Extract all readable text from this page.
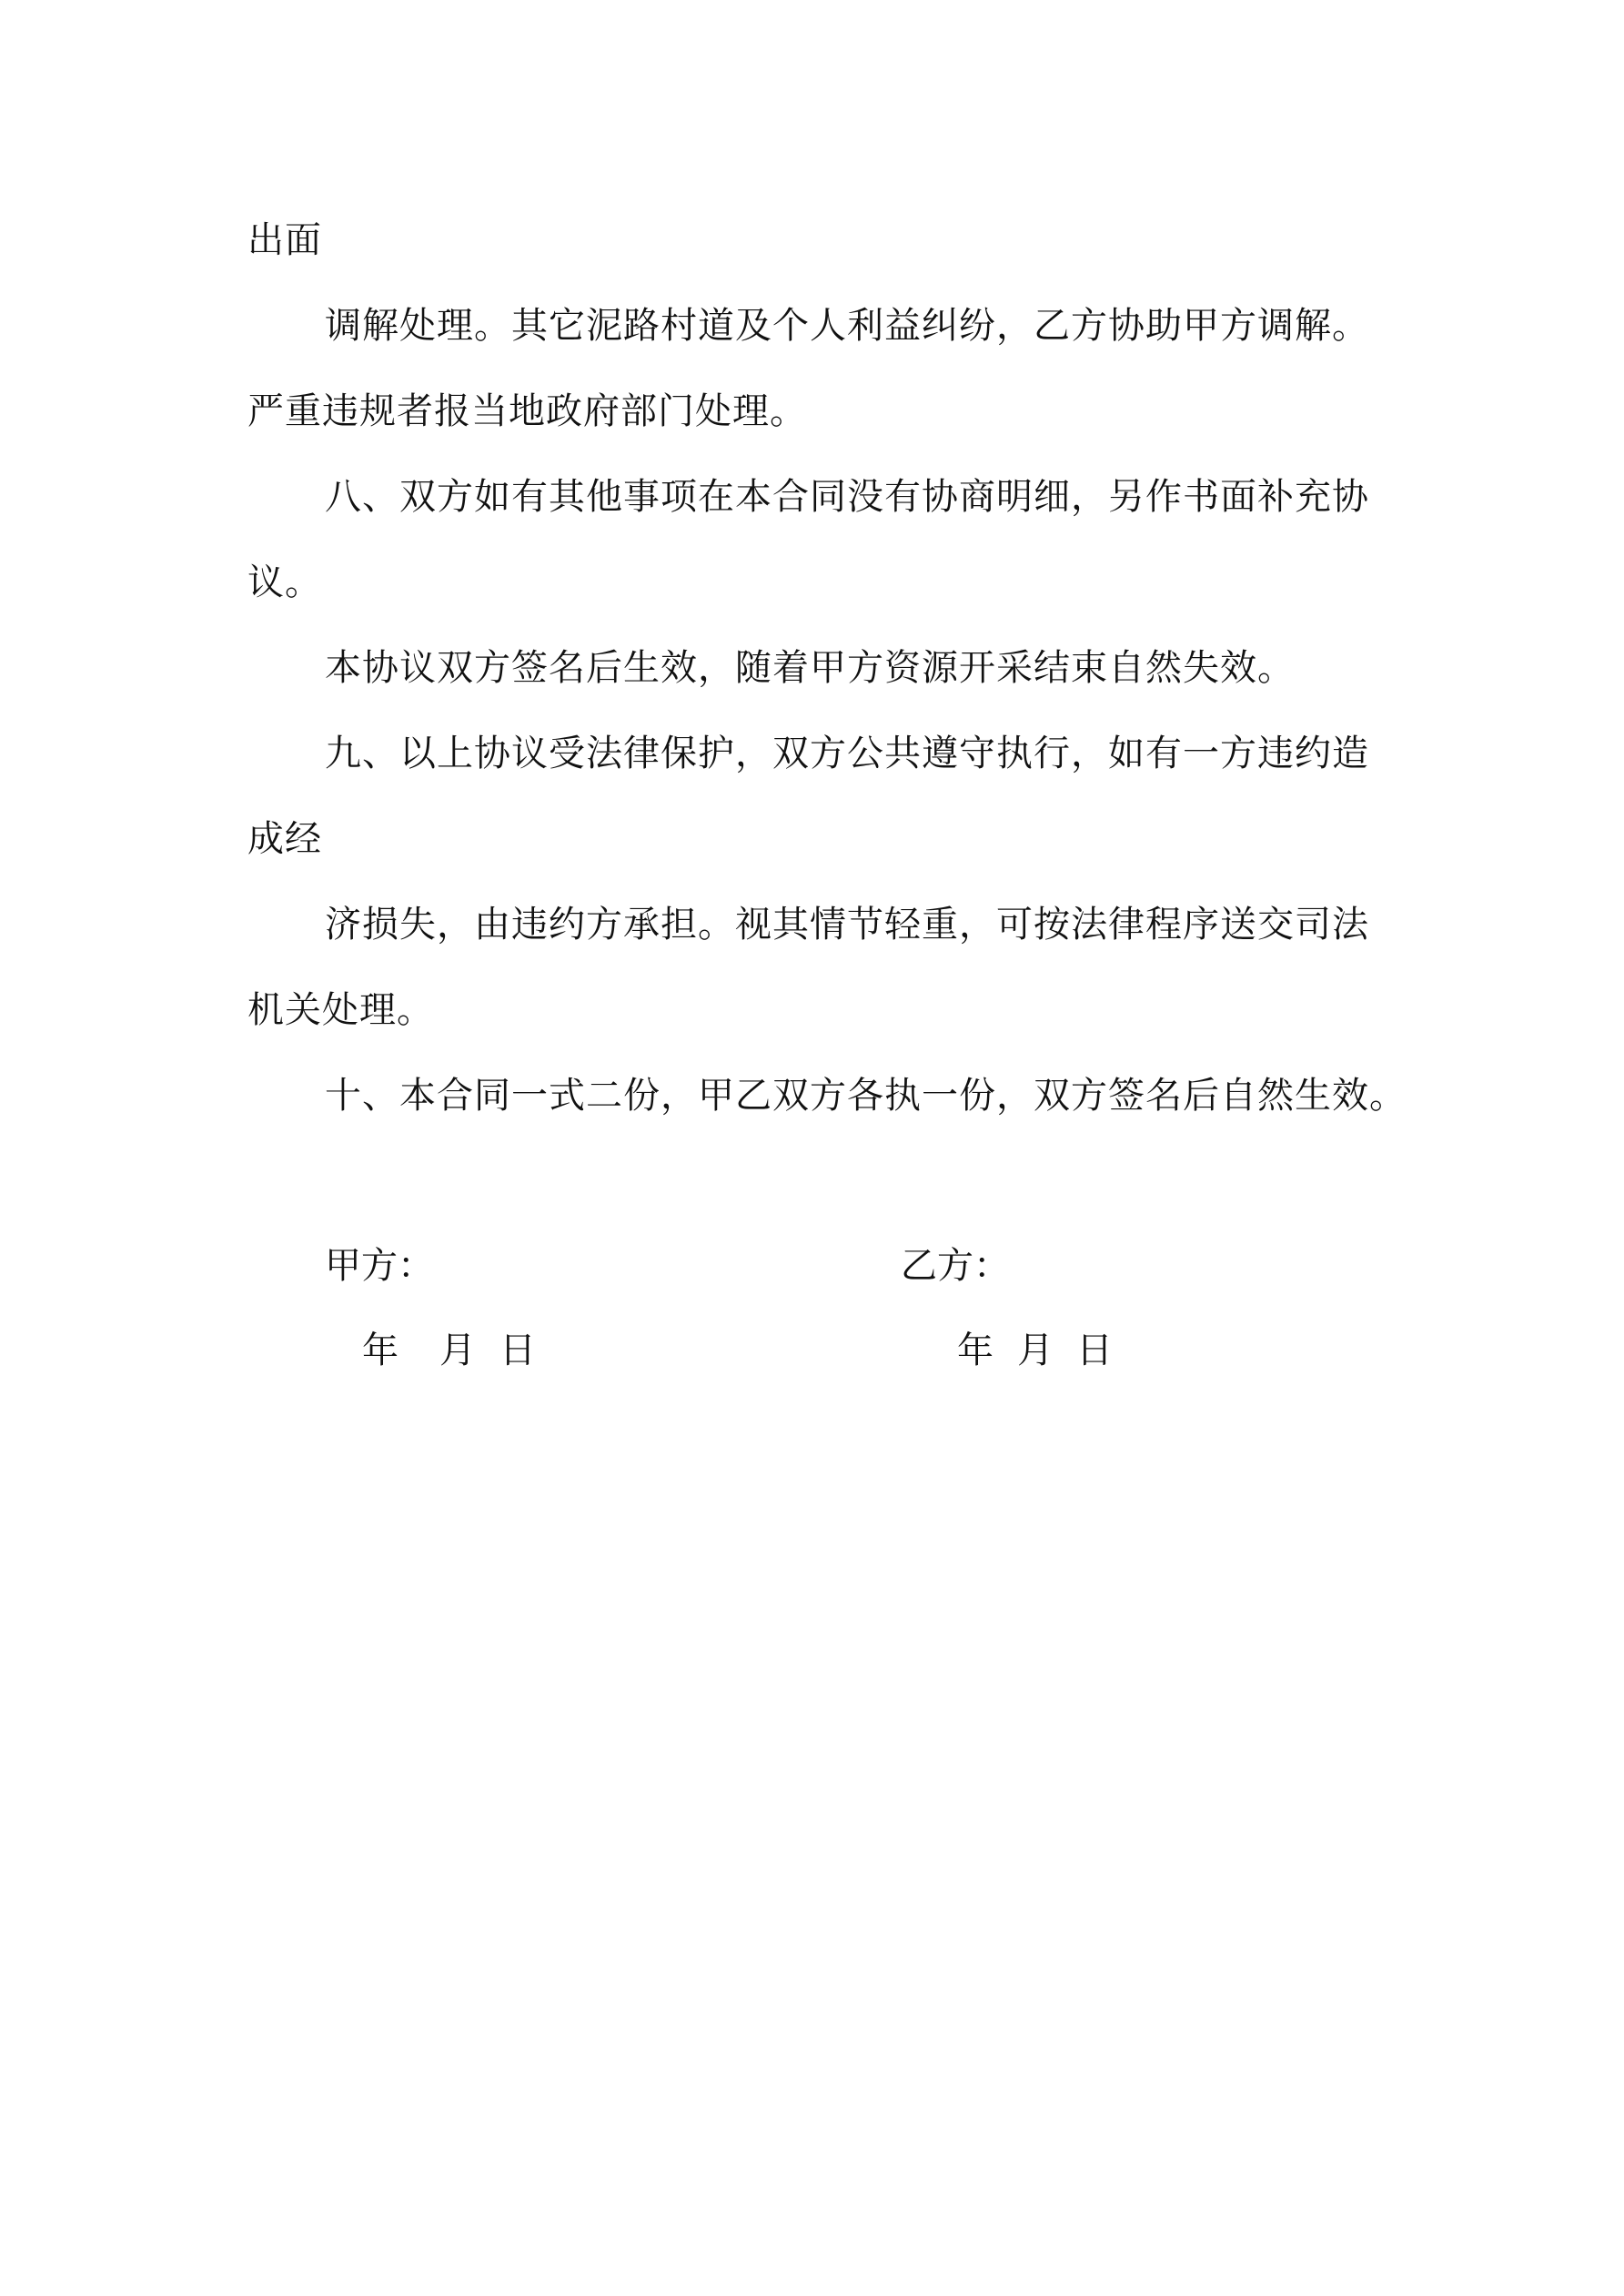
出面
调解处理。其它泥路村道及个人利益纠纷，乙方协助甲方调解。
严重违规者报当地政府部门处理。
八、双方如有其他事项在本合同没有协商明细，另作书面补充协
议。
本协议双方签名后生效，随着甲方资源开采结束自然失效。
九、以上协议受法律保护，双方公共遵守执行，如有一方违约造
成经
济损失，由违约方承担。视其情节轻重，可按法律程序送交司法
机关处理。
十、本合同一式二份，甲乙双方各执一份，双方签名后自然生效。
甲方：	乙方：
年 月 日	年 月 日
